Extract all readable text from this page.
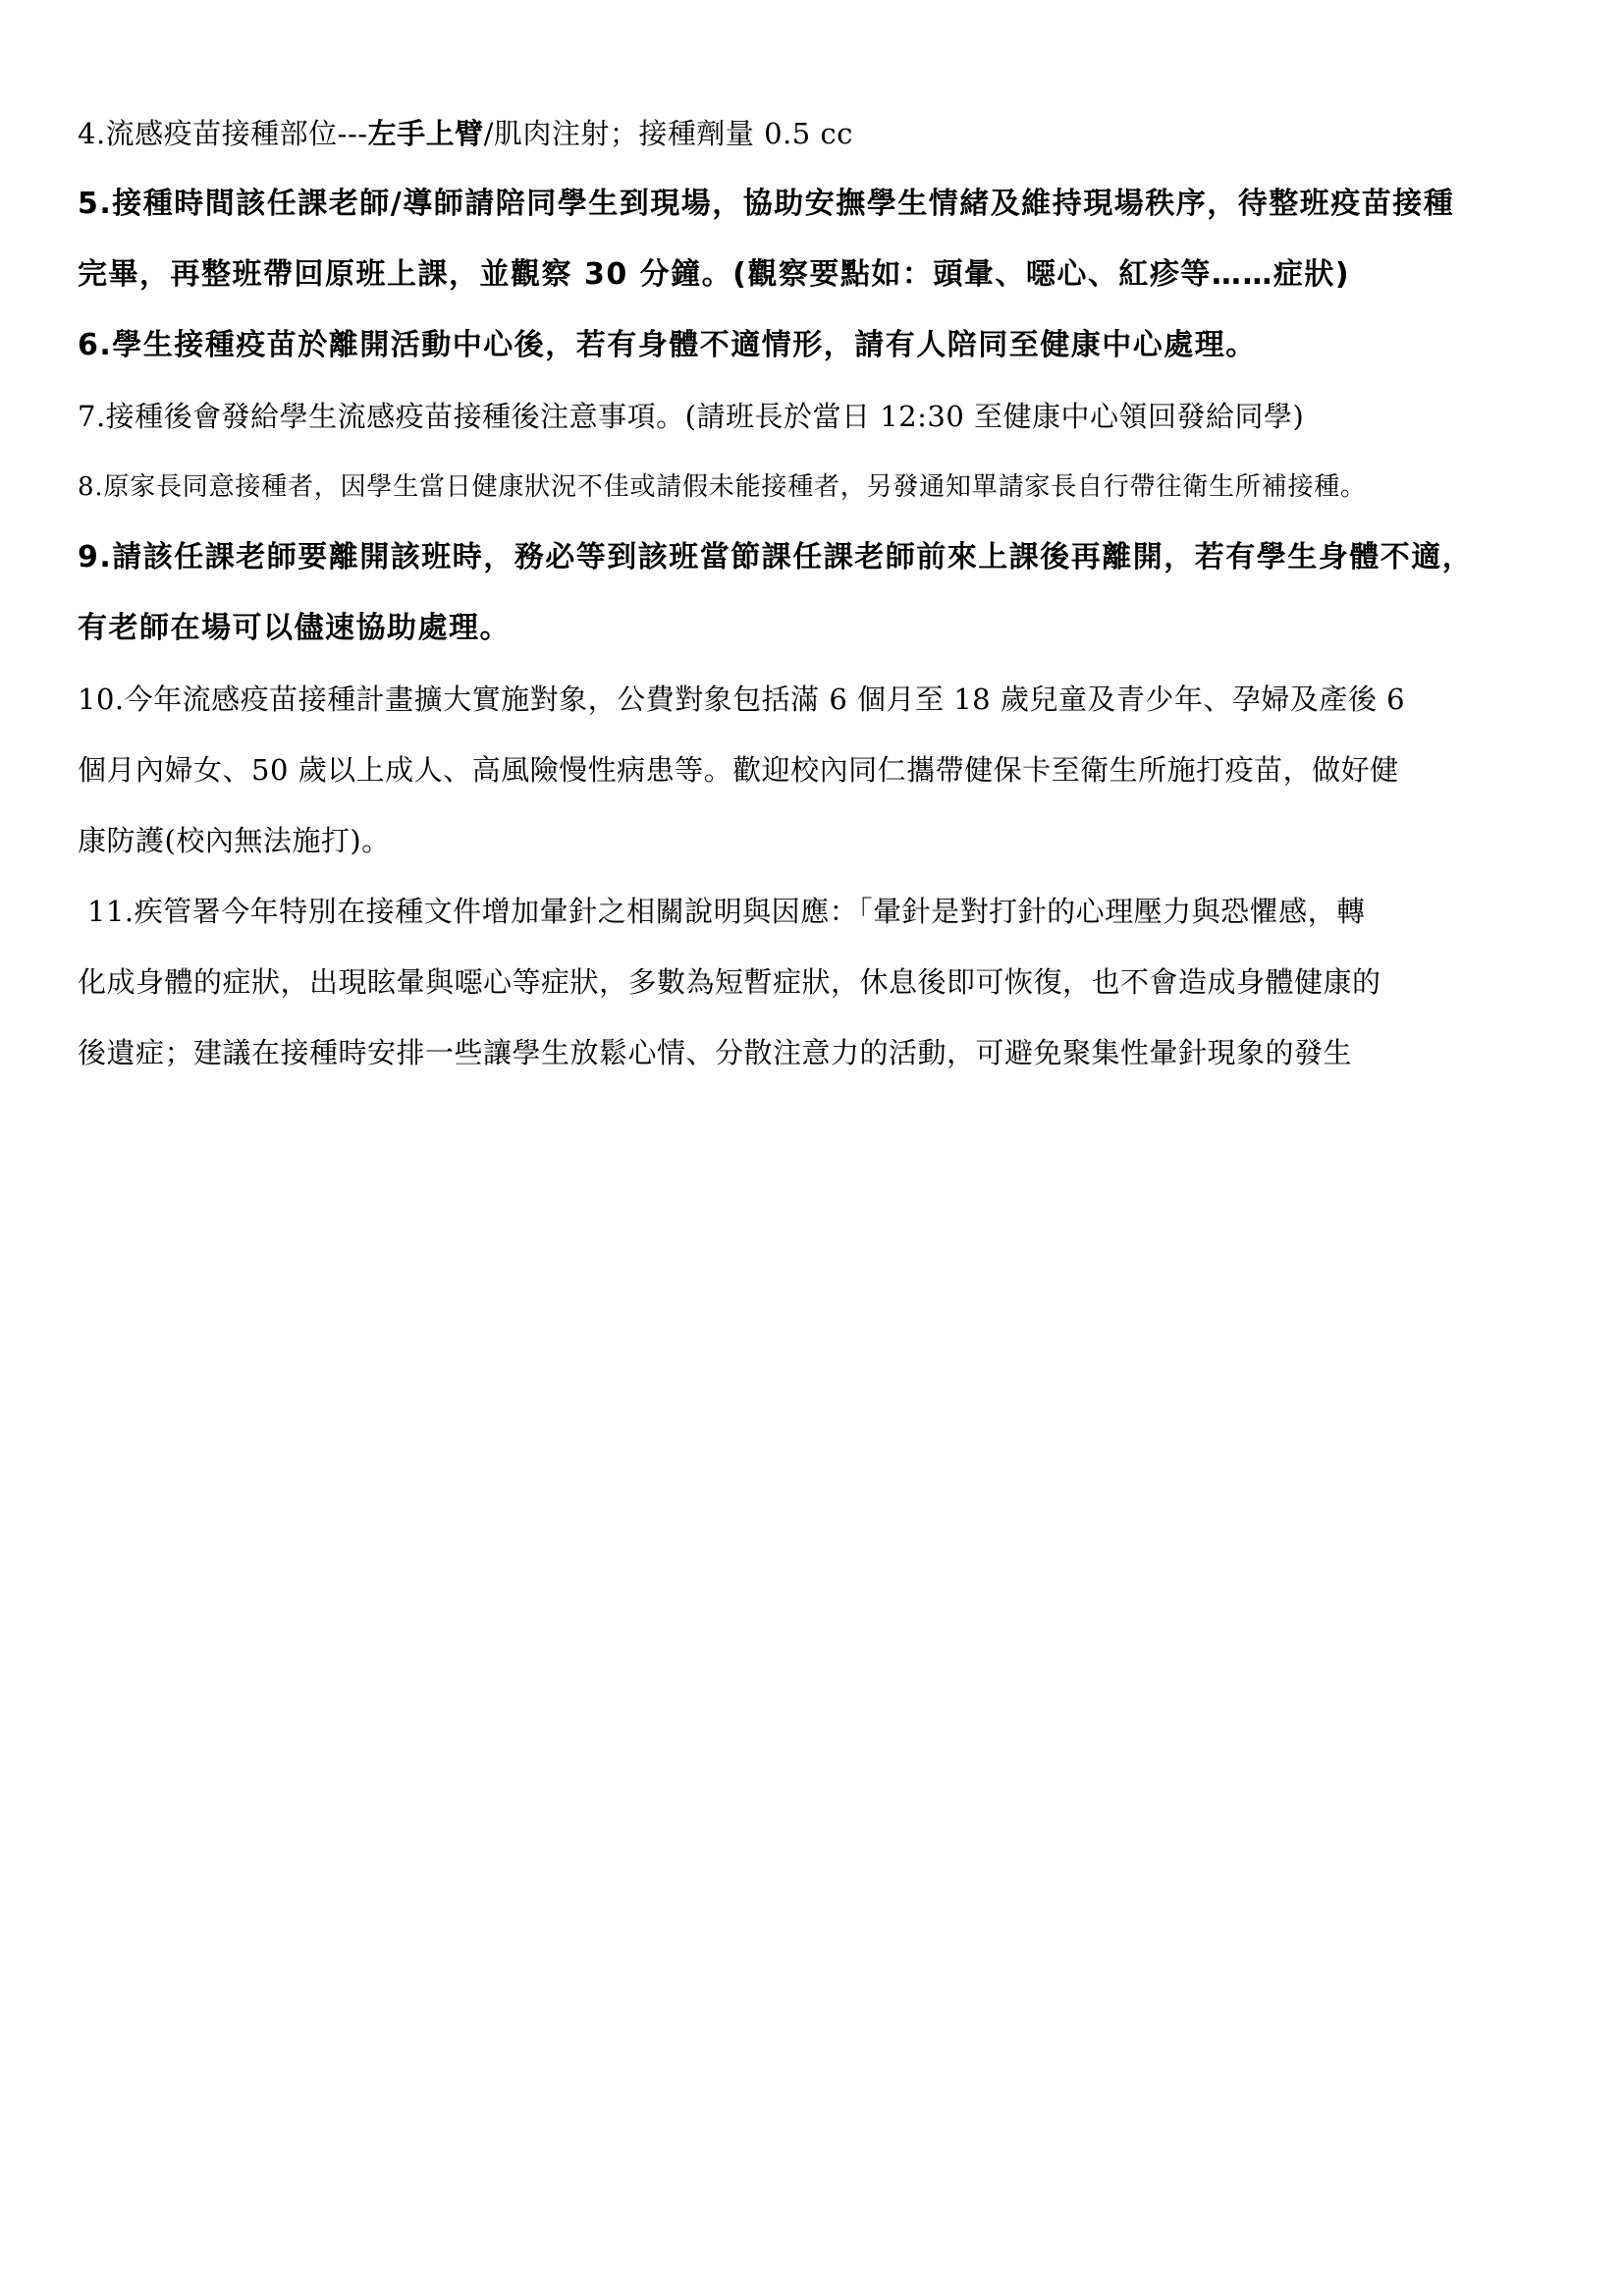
4.流感疫苗接種部位---左手上臂/肌肉注射；接種劑量 0.5 cc
5.接種時間該任課老師/導師請陪同學生到現場，協助安撫學生情緒及維持現場秩序，待整班疫苗接種
完畢，再整班帶回原班上課，並觀察 30 分鐘。(觀察要點如：頭暈、噁心、紅疹等……症狀)
6.學生接種疫苗於離開活動中心後，若有身體不適情形，請有人陪同至健康中心處理。
7.接種後會發給學生流感疫苗接種後注意事項。(請班長於當日 12:30 至健康中心領回發給同學)
8.原家長同意接種者，因學生當日健康狀況不佳或請假未能接種者，另發通知單請家長自行帶往衛生所補接種。
9.請該任課老師要離開該班時，務必等到該班當節課任課老師前來上課後再離開，若有學生身體不適，
有老師在場可以儘速協助處理。
10.今年流感疫苗接種計畫擴大實施對象，公費對象包括滿 6 個月至 18 歲兒童及青少年、孕婦及產後 6
個月內婦女、50 歲以上成人、高風險慢性病患等。歡迎校內同仁攜帶健保卡至衛生所施打疫苗，做好健
康防護(校內無法施打)。
11.疾管署今年特別在接種文件增加暈針之相關說明與因應：「暈針是對打針的心理壓力與恐懼感，轉
化成身體的症狀，出現眩暈與噁心等症狀，多數為短暫症狀，休息後即可恢復，也不會造成身體健康的
後遺症；建議在接種時安排一些讓學生放鬆心情、分散注意力的活動，可避免聚集性暈針現象的發生
